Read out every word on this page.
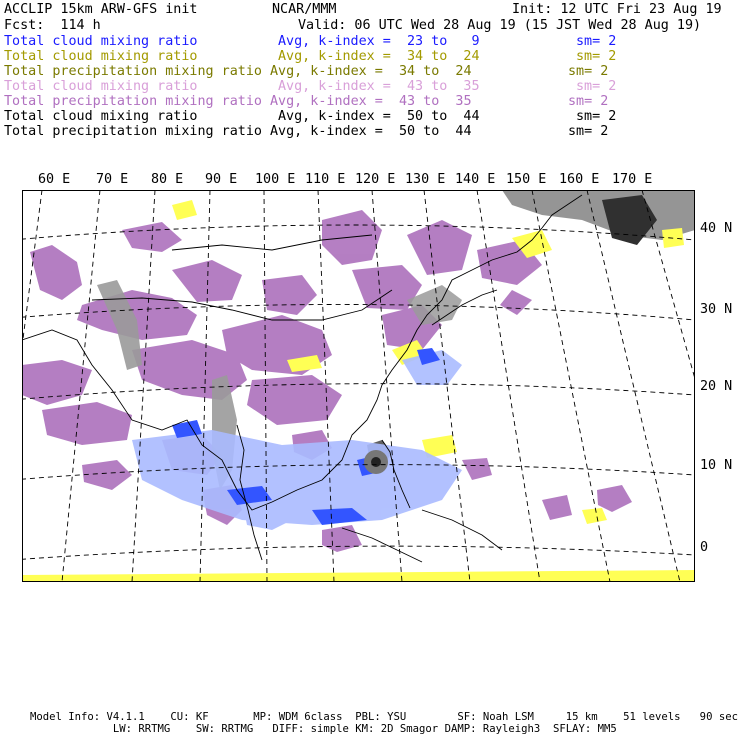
ACCLIP 15km ARW-GFS init	NCAR/MMM	Init: 12 UTC Fri 23 Aug 19
Fcst:  114 h	Valid: 06 UTC Wed 28 Aug 19 (15 JST Wed 28 Aug 19)
Total cloud mixing ratio	Avg, k-index =  23 to   9	sm= 2
Total cloud mixing ratio	Avg, k-index =  34 to  24	sm= 2
Total precipitation mixing ratio Avg, k-index =  34 to  24	sm= 2
Total cloud mixing ratio	Avg, k-index =  43 to  35	sm= 2
Total precipitation mixing ratio Avg, k-index =  43 to  35	sm= 2
Total cloud mixing ratio	Avg, k-index =  50 to  44	sm= 2
Total precipitation mixing ratio Avg, k-index =  50 to  44	sm= 2
60 E 70 E 80 E 90 E 100 E 110 E 120 E 130 E 140 E 150 E 160 E 170 E
40 N
30 N
20 N
10 N
0
Model Info: V4.1.1    CU: KF       MP: WDM 6class  PBL: YSU        SF: Noah LSM     15 km    51 levels   90 sec
LW: RRTMG    SW: RRTMG   DIFF: simple KM: 2D Smagor DAMP: Rayleigh3  SFLAY: MM5
